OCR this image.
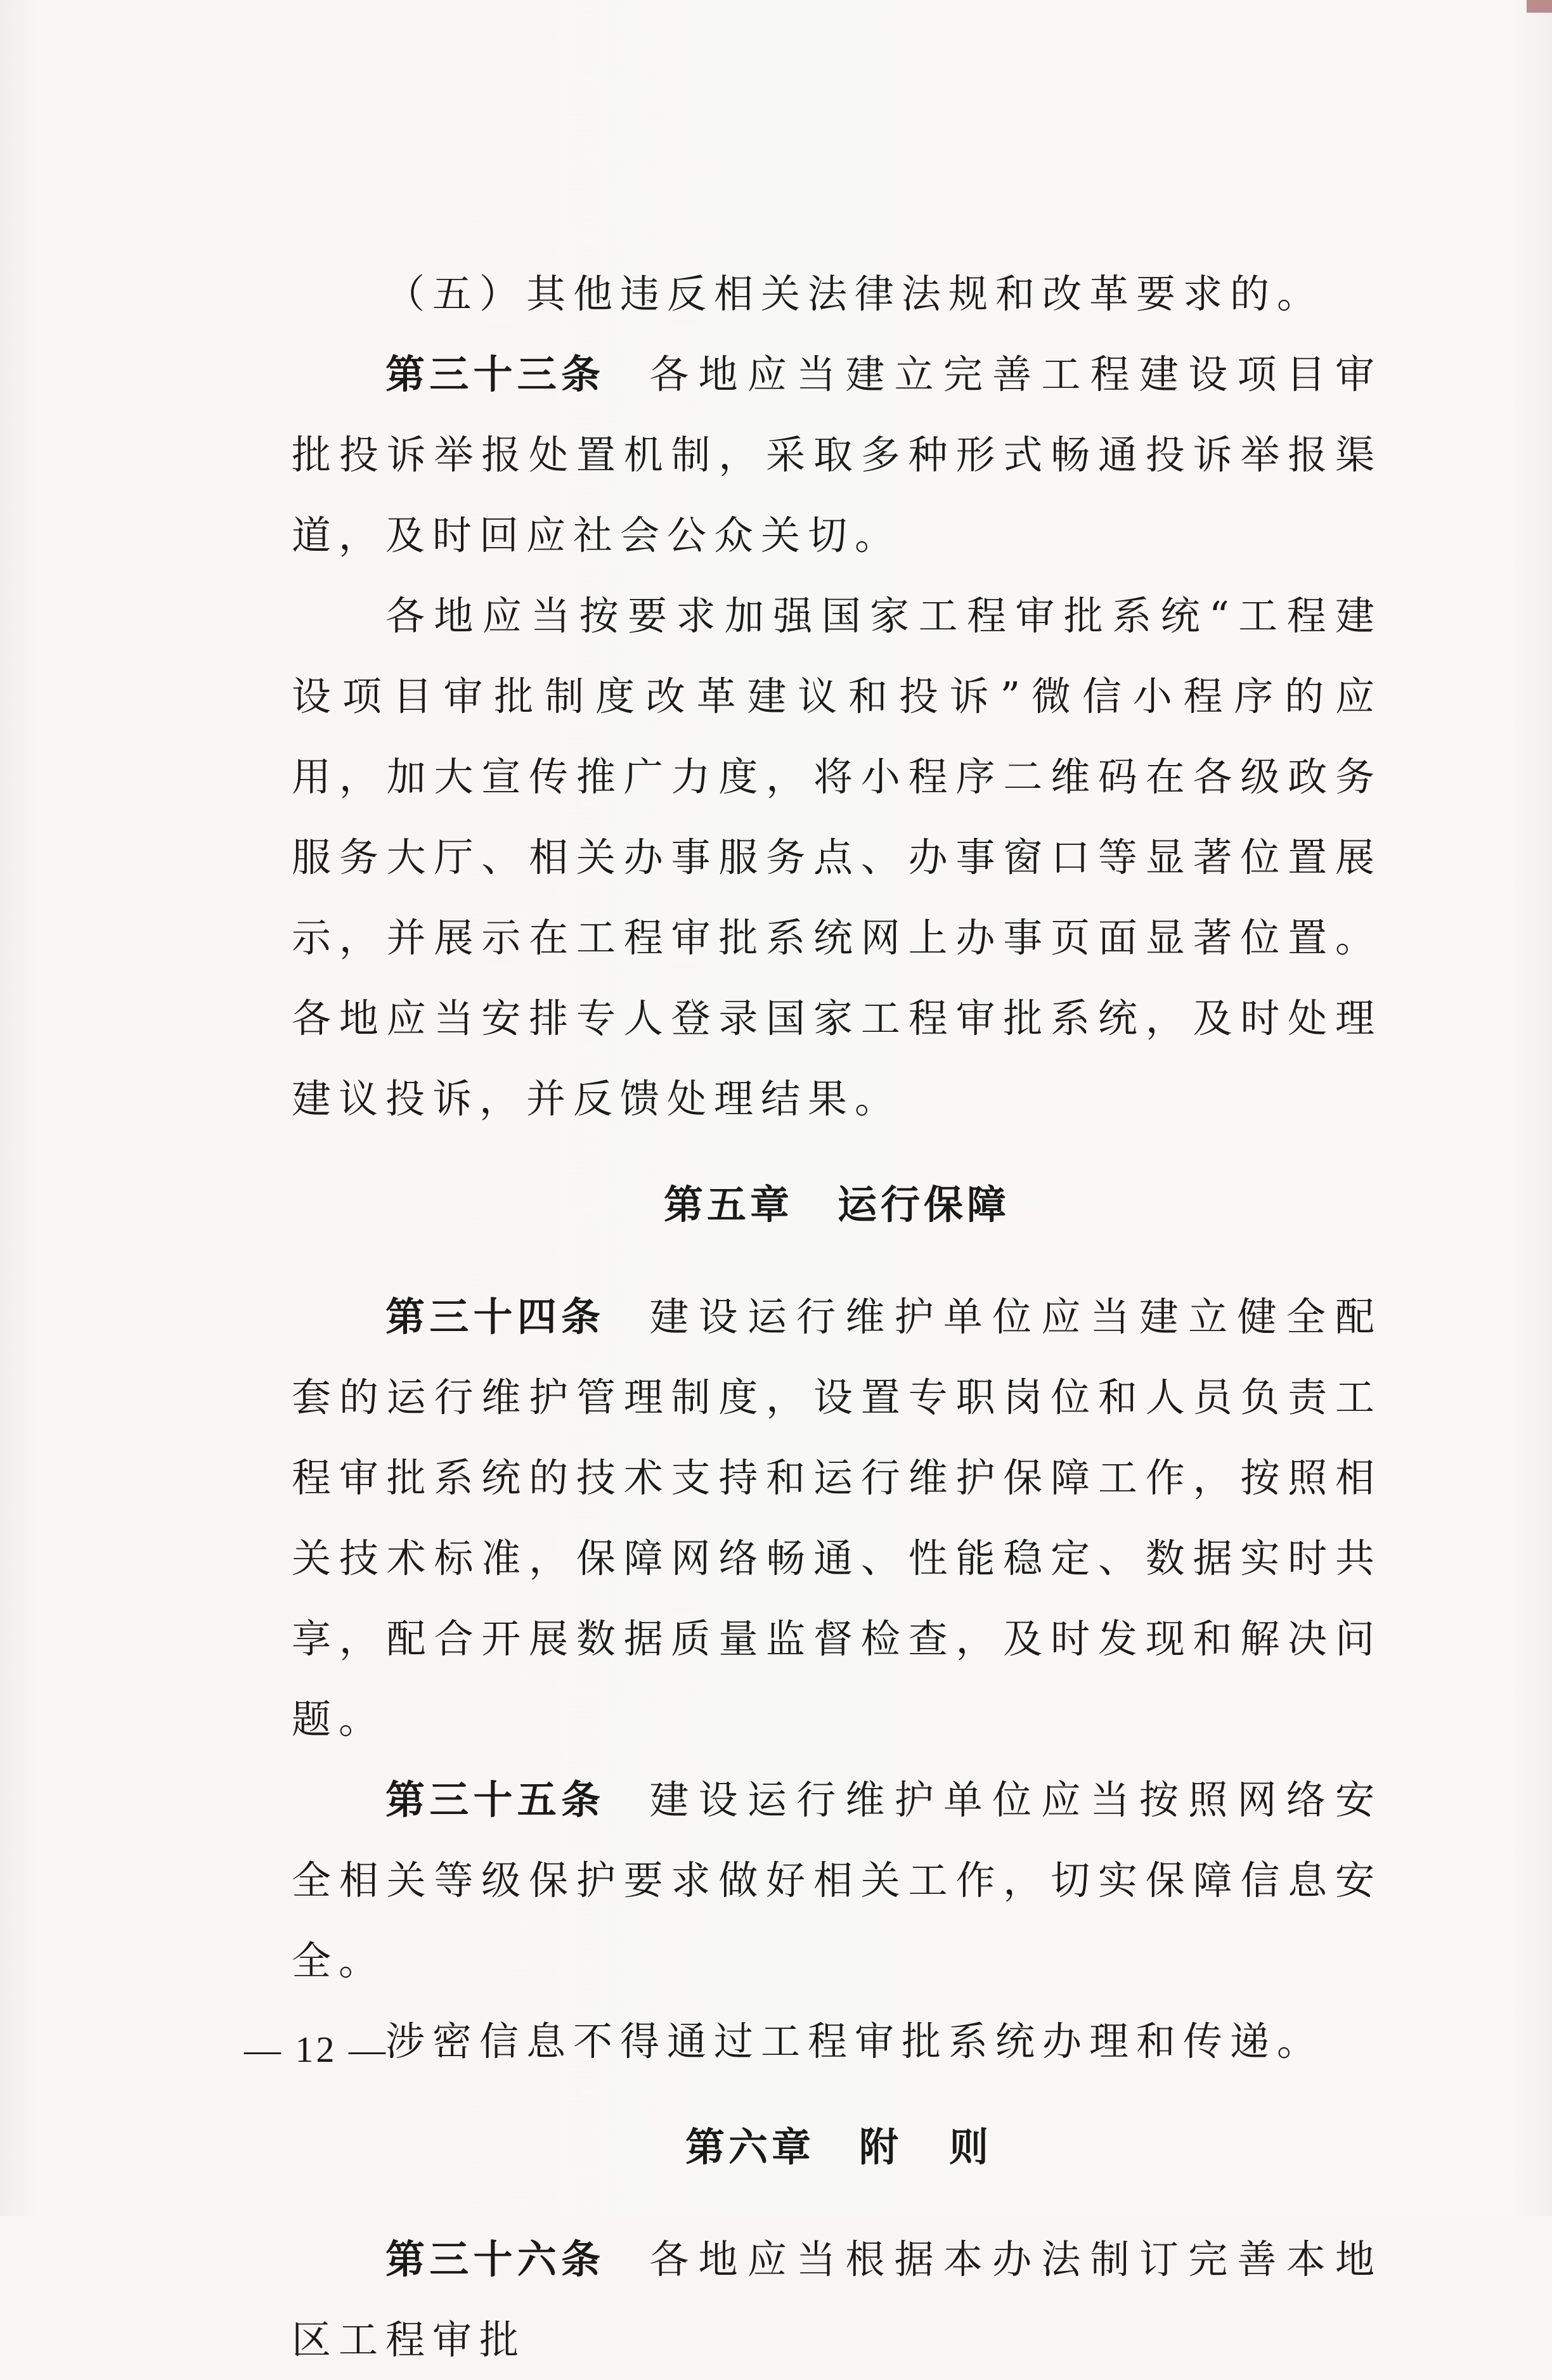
（五）其他违反相关法律法规和改革要求的。

第三十三条 各地应当建立完善工程建设项目审批投诉举报处置机制，采取多种形式畅通投诉举报渠道，及时回应社会公众关切。

各地应当按要求加强国家工程审批系统“工程建设项目审批制度改革建议和投诉”微信小程序的应用，加大宣传推广力度，将小程序二维码在各级政务服务大厅、相关办事服务点、办事窗口等显著位置展示，并展示在工程审批系统网上办事页面显著位置。各地应当安排专人登录国家工程审批系统，及时处理建议投诉，并反馈处理结果。

第五章 运行保障

第三十四条 建设运行维护单位应当建立健全配套的运行维护管理制度，设置专职岗位和人员负责工程审批系统的技术支持和运行维护保障工作，按照相关技术标准，保障网络畅通、性能稳定、数据实时共享，配合开展数据质量监督检查，及时发现和解决问题。

第三十五条 建设运行维护单位应当按照网络安全相关等级保护要求做好相关工作，切实保障信息安全。

涉密信息不得通过工程审批系统办理和传递。

第六章 附则

第三十六条 各地应当根据本办法制订完善本地区工程审批

— 12 —
